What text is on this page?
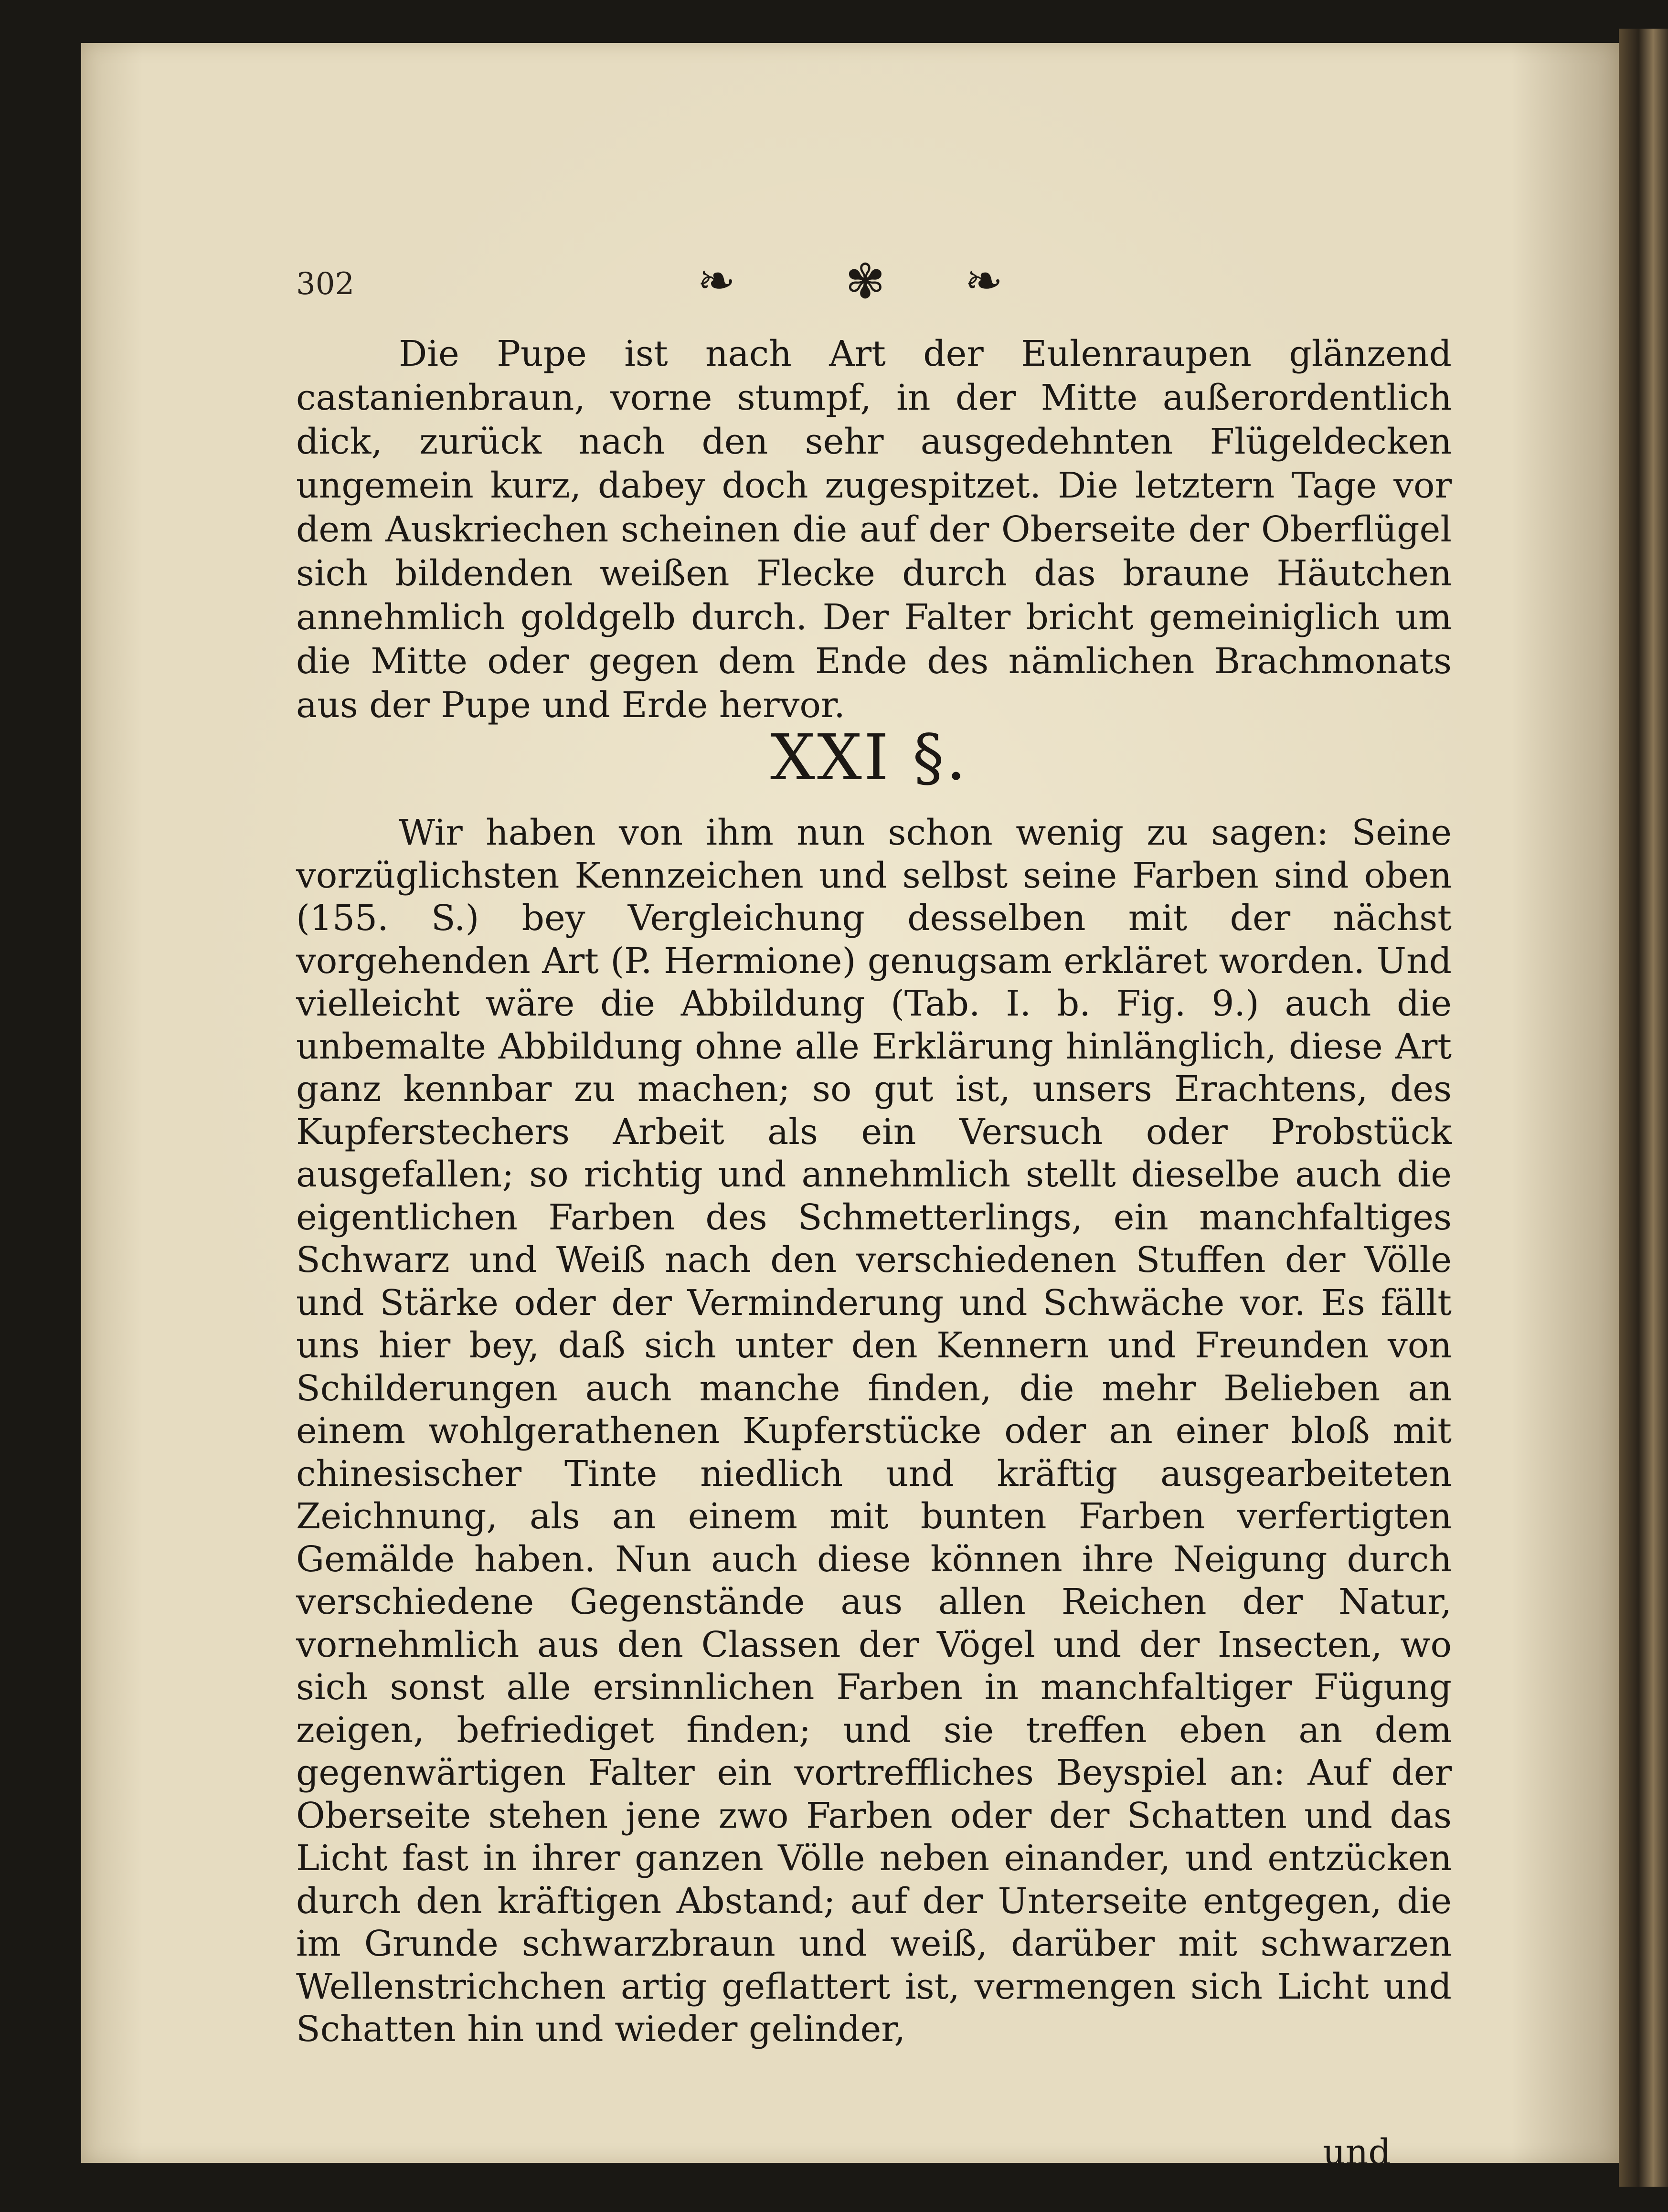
302	❧ ✾ ❧

Die Pupe ist nach Art der Eulenraupen glänzend castanienbraun, vorne stumpf, in der Mitte außerordentlich dick, zurück nach den sehr ausgedehnten Flügeldecken ungemein kurz, dabey doch zugespitzet. Die letztern Tage vor dem Auskriechen scheinen die auf der Oberseite der Oberflügel sich bildenden weißen Flecke durch das braune Häutchen annehmlich goldgelb durch. Der Falter bricht gemeiniglich um die Mitte oder gegen dem Ende des nämlichen Brachmonats aus der Pupe und Erde hervor.

XXI §.

Wir haben von ihm nun schon wenig zu sagen: Seine vorzüglichsten Kennzeichen und selbst seine Farben sind oben (155. S.) bey Vergleichung desselben mit der nächst vorgehenden Art (P. Hermione) genugsam erkläret worden. Und vielleicht wäre die Abbildung (Tab. I. b. Fig. 9.) auch die unbemalte Abbildung ohne alle Erklärung hinlänglich, diese Art ganz kennbar zu machen; so gut ist, unsers Erachtens, des Kupferstechers Arbeit als ein Versuch oder Probstück ausgefallen; so richtig und annehmlich stellt dieselbe auch die eigentlichen Farben des Schmetterlings, ein manchfaltiges Schwarz und Weiß nach den verschiedenen Stuffen der Völle und Stärke oder der Verminderung und Schwäche vor. Es fällt uns hier bey, daß sich unter den Kennern und Freunden von Schilderungen auch manche finden, die mehr Belieben an einem wohlgerathenen Kupferstücke oder an einer bloß mit chinesischer Tinte niedlich und kräftig ausgearbeiteten Zeichnung, als an einem mit bunten Farben verfertigten Gemälde haben. Nun auch diese können ihre Neigung durch verschiedene Gegenstände aus allen Reichen der Natur, vornehmlich aus den Classen der Vögel und der Insecten, wo sich sonst alle ersinnlichen Farben in manchfaltiger Fügung zeigen, befriediget finden; und sie treffen eben an dem gegenwärtigen Falter ein vortreffliches Beyspiel an: Auf der Oberseite stehen jene zwo Farben oder der Schatten und das Licht fast in ihrer ganzen Völle neben einander, und entzücken durch den kräftigen Abstand; auf der Unterseite entgegen, die im Grunde schwarzbraun und weiß, darüber mit schwarzen Wellenstrichchen artig geflattert ist, vermengen sich Licht und Schatten hin und wieder gelinder,

und
